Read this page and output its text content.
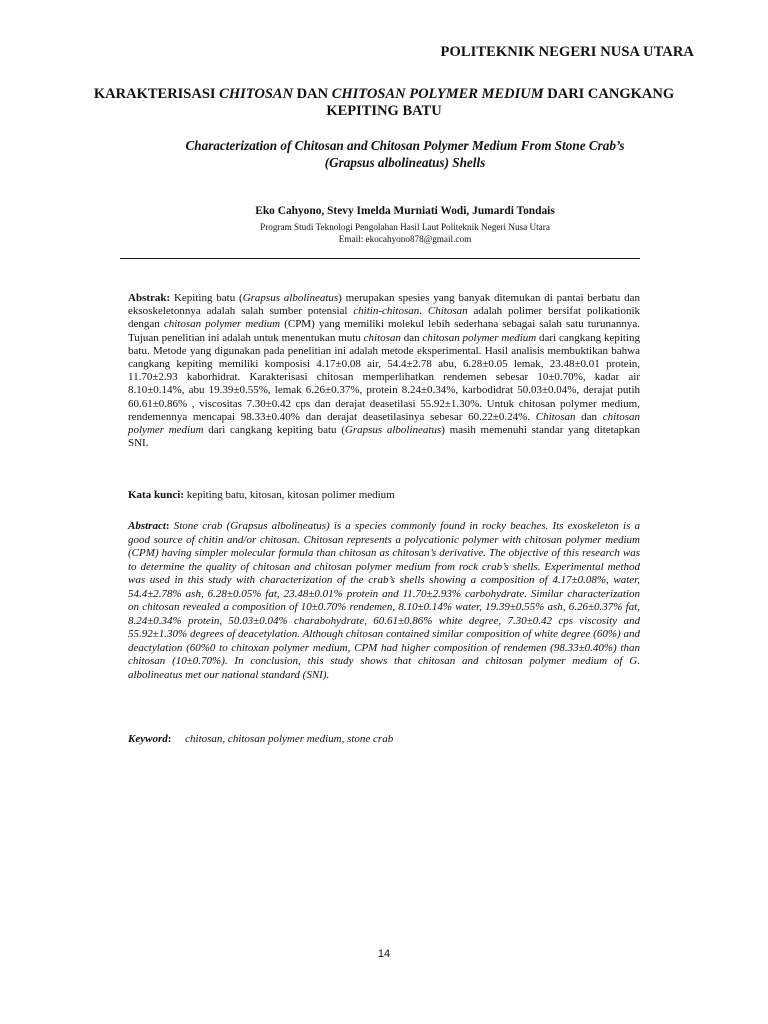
POLITEKNIK NEGERI NUSA UTARA
KARAKTERISASI CHITOSAN DAN CHITOSAN POLYMER MEDIUM DARI CANGKANG
KEPITING BATU
Characterization of Chitosan and Chitosan Polymer Medium From Stone Crab’s
(Grapsus albolineatus) Shells
Eko Cahyono, Stevy Imelda Murniati Wodi, Jumardi Tondais
Program Studi Teknologi Pengolahan Hasil Laut Politeknik Negeri Nusa Utara
Email: ekocahyono878@gmail.com
Abstrak: Kepiting batu (Grapsus albolineatus) merupakan spesies yang banyak ditemukan di pantai berbatu dan eksoskeletonnya adalah salah sumber potensial chitin-chitosan. Chitosan adalah polimer bersifat polikationik dengan chitosan polymer medium (CPM) yang memiliki molekul lebih sederhana sebagai salah satu turunannya. Tujuan penelitian ini adalah untuk menentukan mutu chitosan dan chitosan polymer medium dari cangkang kepiting batu. Metode yang digunakan pada penelitian ini adalah metode eksperimental. Hasil analisis membuktikan bahwa cangkang kepiting memiliki komposisi 4.17±0.08 air, 54.4±2.78 abu, 6.28±0.05 lemak, 23.48±0.01 protein, 11.70±2.93 kaborhidrat. Karakterisasi chitosan memperlihatkan rendemen sebesar 10±0.70%, kadar air 8.10±0.14%, abu 19.39±0.55%, lemak 6.26±0.37%, protein 8.24±0.34%, karbodidrat 50.03±0.04%, derajat putih 60.61±0.86% , viscositas 7.30±0.42 cps dan derajat deasetilasi 55.92±1.30%. Untuk chitosan polymer medium, rendemennya mencapai 98.33±0.40% dan derajat deasetilasinya sebesar 60.22±0.24%. Chitosan dan chitosan polymer medium dari cangkang kepiting batu (Grapsus albolineatus) masih memenuhi standar yang ditetapkan SNI.
Kata kunci: kepiting batu, kitosan, kitosan polimer medium
Abstract: Stone crab (Grapsus albolineatus) is a species commonly found in rocky beaches. Its exoskeleton is a good source of chitin and/or chitosan. Chitosan represents a polycationic polymer with chitosan polymer medium (CPM) having simpler molecular formula than chitosan as chitosan’s derivative. The objective of this research was to determine the quality of chitosan and chitosan polymer medium from rock crab’s shells. Experimental method was used in this study with characterization of the crab’s shells showing a composition of 4.17±0.08%, water, 54.4±2.78% ash, 6.28±0.05% fat, 23.48±0.01% protein and 11.70±2.93% carbohydrate. Similar characterization on chitosan revealed a composition of 10±0.70% rendemen, 8.10±0.14% water, 19.39±0.55% ash, 6.26±0.37% fat, 8.24±0.34% protein, 50.03±0.04% charabohydrate, 60.61±0.86% white degree, 7.30±0.42 cps viscosity and 55.92±1.30% degrees of deacetylation. Although chitosan contained similar composition of white degree (60%) and deactylation (60%0 to chitoxan polymer medium, CPM had higher composition of rendemen (98.33±0.40%) than chitosan (10±0.70%). In conclusion, this study shows that chitosan and chitosan polymer medium of G. albolineatus met our national standard (SNI).
Keyword:     chitosan, chitosan polymer medium, stone crab
14
